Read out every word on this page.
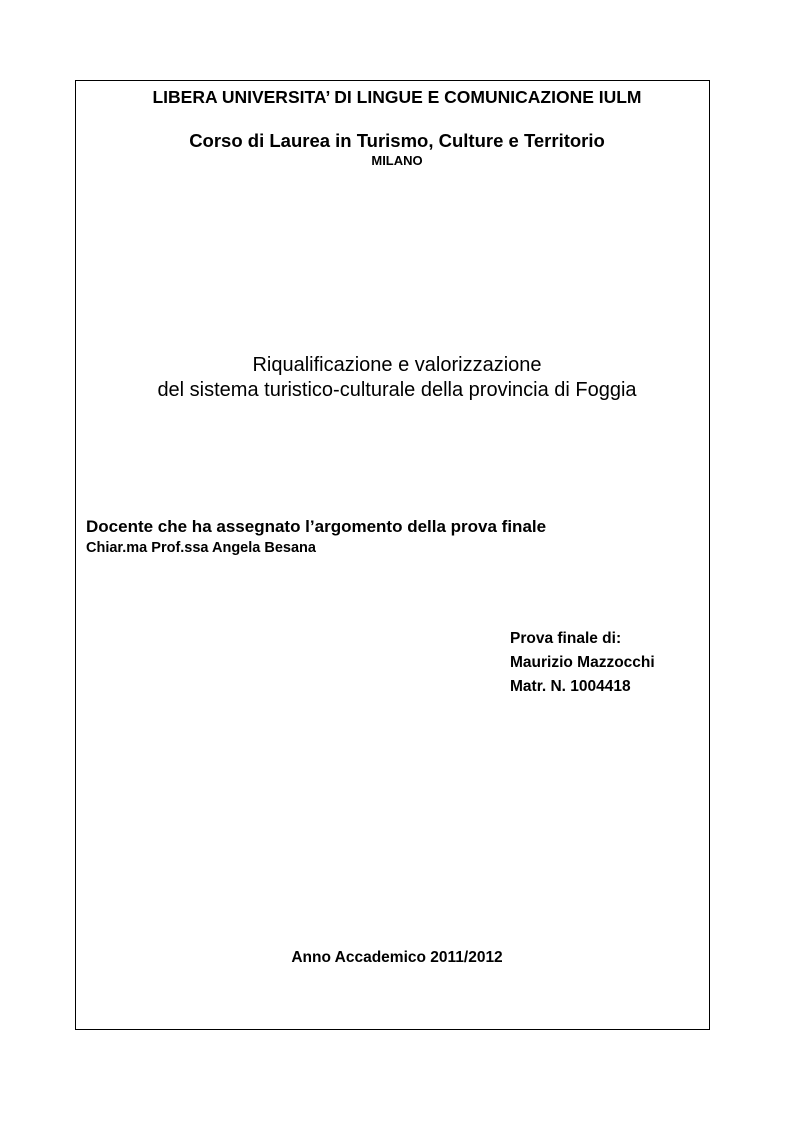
LIBERA UNIVERSITA’ DI LINGUE E COMUNICAZIONE IULM
Corso di Laurea in Turismo, Culture e Territorio
MILANO
Riqualificazione e valorizzazione
del sistema turistico-culturale della provincia di Foggia
Docente che ha assegnato l’argomento della prova finale
Chiar.ma Prof.ssa Angela Besana
Prova finale di:
Maurizio Mazzocchi
Matr. N. 1004418
Anno Accademico 2011/2012
